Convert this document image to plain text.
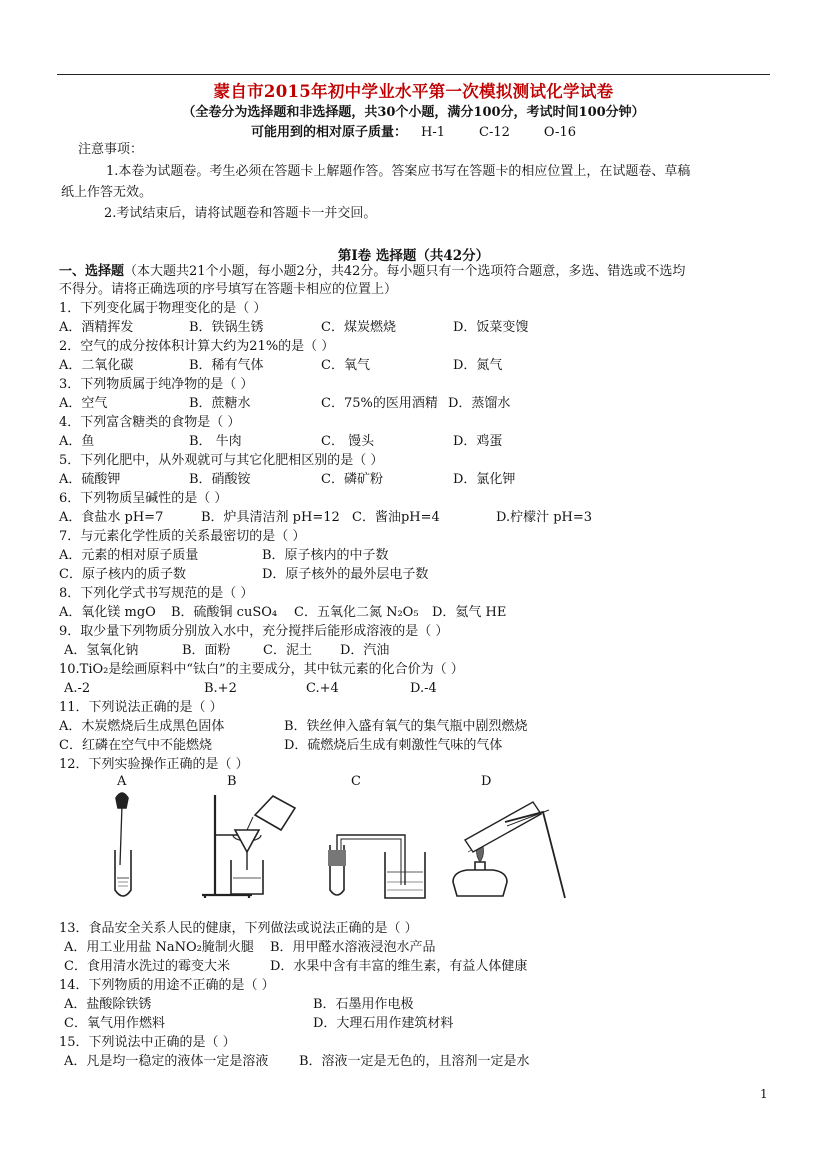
蒙自市2015年初中学业水平第一次模拟测试化学试卷
（全卷分为选择题和非选择题，共30个小题，满分100分，考试时间100分钟）
可能用到的相对原子质量： H-1	C-12	O-16
注意事项：
1.本卷为试题卷。考生必须在答题卡上解题作答。答案应书写在答题卡的相应位置上，在试题卷、草稿
纸上作答无效。
2.考试结束后，请将试题卷和答题卡一并交回。
第Ⅰ卷 选择题（共42分）
一、选择题（本大题共21个小题，每小题2分，共42分。每小题只有一个选项符合题意，多选、错选或不选均
不得分。请将正确选项的序号填写在答题卡相应的位置上）
1．下列变化属于物理变化的是（ ）
A．酒精挥发	B．铁锅生锈	C．煤炭燃烧	D．饭菜变馊
2．空气的成分按体积计算大约为21%的是（ ）
A．二氧化碳	B．稀有气体	C．氧气	D．氮气
3．下列物质属于纯净物的是（ ）
A．空气	B．蔗糖水	C．75%的医用酒精 D．蒸馏水
4．下列富含糖类的食物是（ ）
A．鱼	B． 牛肉	C． 馒头	D．鸡蛋
5．下列化肥中，从外观就可与其它化肥相区别的是（ ）
A．硫酸钾	B．硝酸铵	C．磷矿粉	D．氯化钾
6．下列物质呈碱性的是（ ）
A．食盐水 pH=7	B．炉具清洁剂 pH=12 C．酱油pH=4	D.柠檬汁 pH=3
7．与元素化学性质的关系最密切的是（ ）
A．元素的相对原子质量	B．原子核内的中子数
C．原子核内的质子数	D．原子核外的最外层电子数
8．下列化学式书写规范的是（ ）
A．氧化镁 mgO B．硫酸铜 cuSO₄ C．五氧化二氮 N₂O₅ D．氦气 HE
9．取少量下列物质分别放入水中，充分搅拌后能形成溶液的是（ ）
A．氢氧化钠	B．面粉 C．泥土 D．汽油
10.TiO₂是绘画原料中“钛白”的主要成分，其中钛元素的化合价为（ ）
A.-2	B.+2	C.+4	D.-4
11．下列说法正确的是（ ）
A．木炭燃烧后生成黑色固体	B．铁丝伸入盛有氧气的集气瓶中剧烈燃烧
C．红磷在空气中不能燃烧	D．硫燃烧后生成有刺激性气味的气体
12．下列实验操作正确的是（ ）
A	B	C	D
13．食品安全关系人民的健康，下列做法或说法正确的是（ ）
A．用工业用盐 NaNO₂腌制火腿 B．用甲醛水溶液浸泡水产品
C．食用清水洗过的霉变大米	D．水果中含有丰富的维生素，有益人体健康
14．下列物质的用途不正确的是（ ）
A．盐酸除铁锈	B．石墨用作电极
C．氧气用作燃料	D．大理石用作建筑材料
15．下列说法中正确的是（ ）
A．凡是均一稳定的液体一定是溶液 B．溶液一定是无色的，且溶剂一定是水
1
